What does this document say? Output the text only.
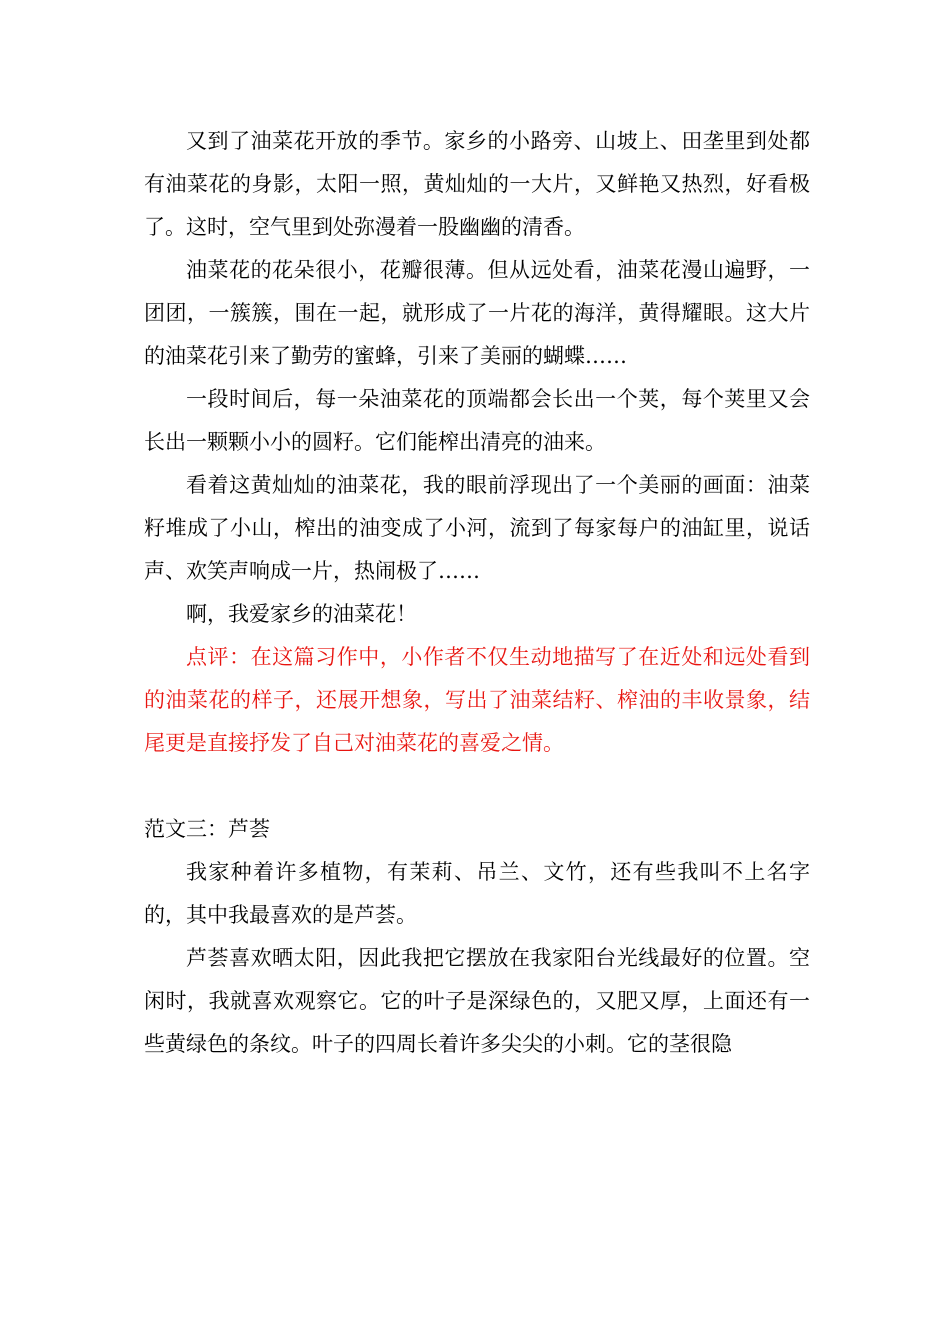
又到了油菜花开放的季节。家乡的小路旁、山坡上、田垄里到处都有油菜花的身影，太阳一照，黄灿灿的一大片，又鲜艳又热烈，好看极了。这时，空气里到处弥漫着一股幽幽的清香。

油菜花的花朵很小，花瓣很薄。但从远处看，油菜花漫山遍野，一团团，一簇簇，围在一起，就形成了一片花的海洋，黄得耀眼。这大片的油菜花引来了勤劳的蜜蜂，引来了美丽的蝴蝶……

一段时间后，每一朵油菜花的顶端都会长出一个荚，每个荚里又会长出一颗颗小小的圆籽。它们能榨出清亮的油来。

看着这黄灿灿的油菜花，我的眼前浮现出了一个美丽的画面：油菜籽堆成了小山，榨出的油变成了小河，流到了每家每户的油缸里，说话声、欢笑声响成一片，热闹极了……

啊，我爱家乡的油菜花！

点评：在这篇习作中，小作者不仅生动地描写了在近处和远处看到的油菜花的样子，还展开想象，写出了油菜结籽、榨油的丰收景象，结尾更是直接抒发了自己对油菜花的喜爱之情。

范文三：芦荟

我家种着许多植物，有茉莉、吊兰、文竹，还有些我叫不上名字的，其中我最喜欢的是芦荟。

芦荟喜欢晒太阳，因此我把它摆放在我家阳台光线最好的位置。空闲时，我就喜欢观察它。它的叶子是深绿色的，又肥又厚，上面还有一些黄绿色的条纹。叶子的四周长着许多尖尖的小刺。它的茎很隐
